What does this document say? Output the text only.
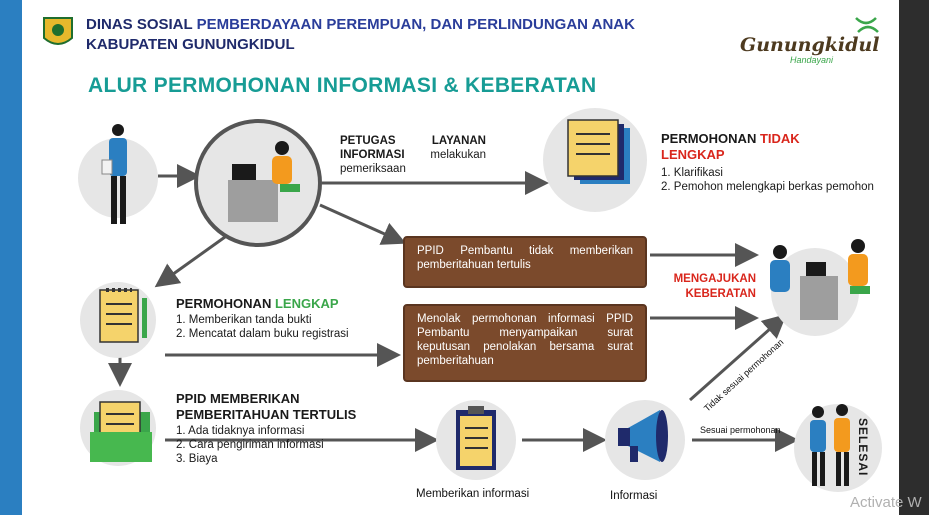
DINAS SOSIAL PEMBERDAYAAN PEREMPUAN, DAN PERLINDUNGAN ANAK
KABUPATEN GUNUNGKIDUL	Gunungkidul
Handayani
ALUR PERMOHONAN INFORMASI & KEBERATAN
PEMOHON INFORMASI	PETUGAS LAYANAN INFORMASI melakukan pemeriksaan
PERMOHONAN TIDAK LENGKAP
1. Klarifikasi
2. Pemohon melengkapi berkas pemohon
PPID Pembantu tidak memberikan pemberitahuan tertulis
Menolak permohonan informasi PPID Pembantu menyampaikan surat keputusan penolakan bersama surat pemberitahuan
MENGAJUKAN
KEBERATAN
PERMOHONAN LENGKAP
1. Memberikan tanda bukti
2. Mencatat dalam buku registrasi
PPID MEMBERIKAN
PEMBERITAHUAN TERTULIS
1. Ada tidaknya informasi
2. Cara pengiriman informasi
3. Biaya
Memberikan informasi	Informasi
Sesuai permohonan
Tidak sesuai permohonan
SELESAI
Activate W
